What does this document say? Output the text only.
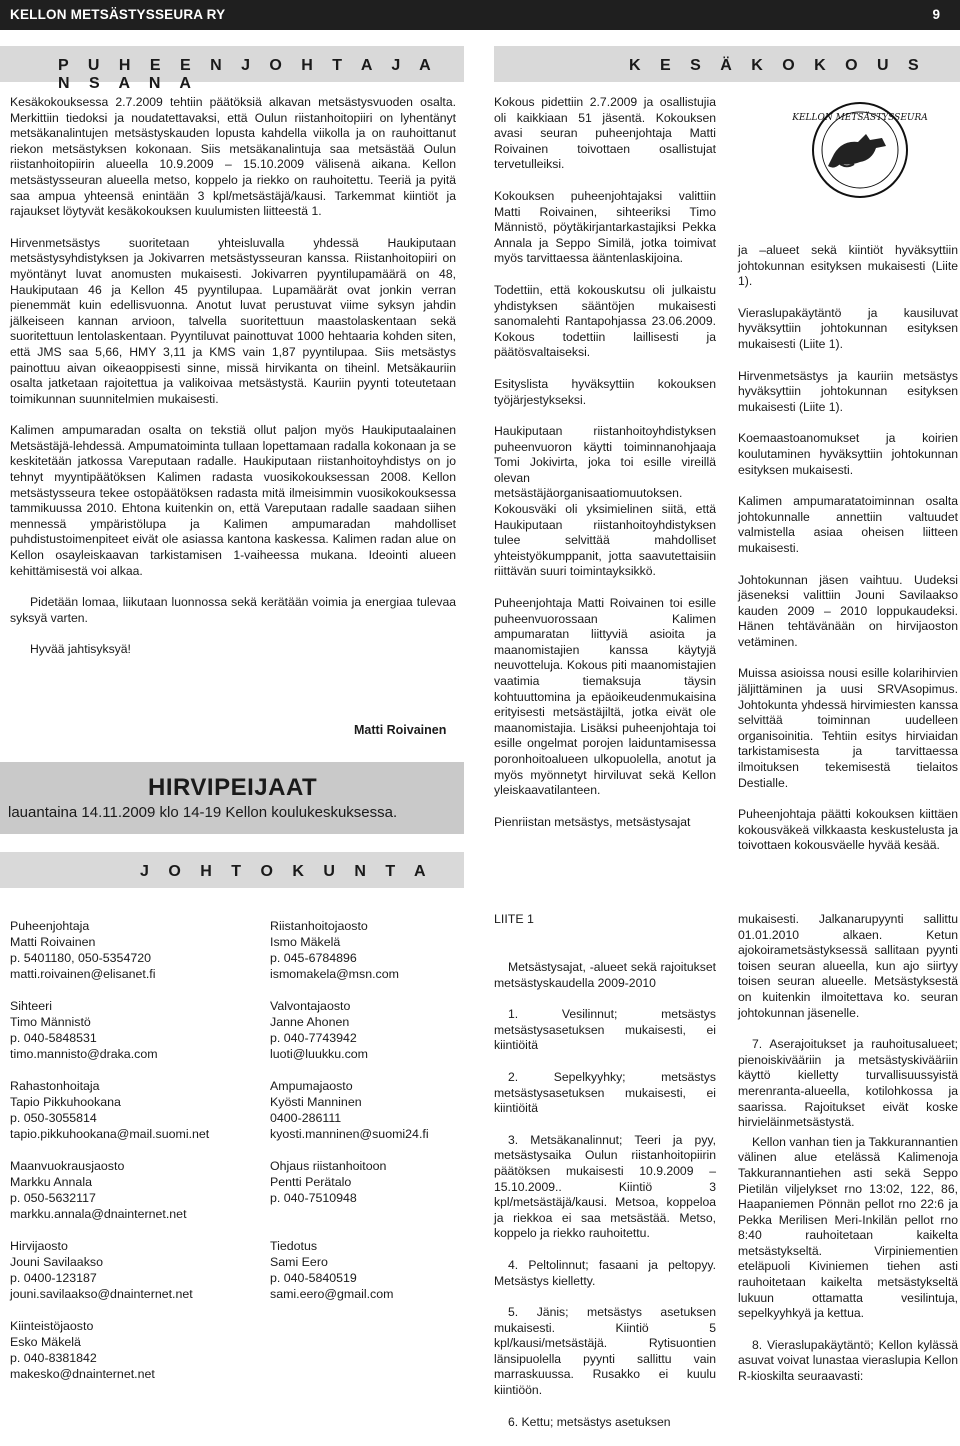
KELLON METSÄSTYSSEURA RY	9
P U H E E N J O H T A J A N S A N A
K E S Ä K O K O U S

Kesäkokouksessa 2.7.2009 tehtiin päätöksiä alkavan metsästysvuoden osalta. Merkittiin tiedoksi ja noudatettavaksi, että Oulun riistanhoitopiiri on lyhentänyt metsäkanalintujen metsästyskauden lopusta kahdella viikolla ja on rauhoittanut riekon metsästyksen kokonaan. Siis metsäkanalintuja saa metsästää Oulun riistanhoitopiirin alueella 10.9.2009 – 15.10.2009 välisenä aikana. Kellon metsästysseuran alueella metso, koppelo ja riekko on rauhoitettu. Teeriä ja pyitä saa ampua yhteensä enintään 3 kpl/metsästäjä/kausi. Tarkemmat kiintiöt ja rajaukset löytyvät kesäkokouksen kuulumisten liitteestä 1.

Hirvenmetsästys suoritetaan yhteisluvalla yhdessä Haukiputaan metsästysyhdistyksen ja Jokivarren metsästysseuran kanssa. Riistanhoitopiiri on myöntänyt luvat anomusten mukaisesti. Jokivarren pyyntilupamäärä on 48, Haukiputaan 46 ja Kellon 45 pyyntilupaa. Lupamäärät ovat jonkin verran pienemmät kuin edellisvuonna. Anotut luvat perustuvat viime syksyn jahdin jälkeiseen kannan arvioon, talvella suoritettuun maastolaskentaan sekä suoritettuun lentolaskentaan. Pyyntiluvat painottuvat 1000 hehtaaria kohden siten, että JMS saa 5,66, HMY 3,11 ja KMS vain 1,87 pyyntilupaa. Siis metsästys painottuu aivan oikeaoppisesti sinne, missä hirvikanta on tiheinl. Metsäkauriin osalta jatketaan rajoitettua ja valikoivaa metsästystä. Kauriin pyynti toteutetaan toimikunnan suunnitelmien mukaisesti.

Kalimen ampumaradan osalta on tekstiä ollut paljon myös Haukiputaalainen Metsästäjä-lehdessä. Ampumatoiminta tullaan lopettamaan radalla kokonaan ja se keskitetään jatkossa Vareputaan radalle. Haukiputaan riistanhoitoyhdistys on jo tehnyt myyntipäätöksen Kalimen radasta vuosikokouksessan 2008. Kellon metsästysseura tekee ostopäätöksen radasta mitä ilmeisimmin vuosikokouksessa tammikuussa 2010. Ehtona kuitenkin on, että Vareputaan radalle saadaan siihen mennessä ympäristölupa ja Kalimen ampumaradan mahdolliset puhdistustoimenpiteet eivät ole asiassa kantona kaskessa. Kalimen radan alue on Kellon osayleiskaavan tarkistamisen 1-vaiheessa mukana. Ideointi alueen kehittämisestä voi alkaa.

Pidetään lomaa, liikutaan luonnossa sekä kerätään voimia ja energiaa tulevaa syksyä varten.

Hyvää jahtisyksyä!

Matti Roivainen
HIRVIPEIJAAT
lauantaina 14.11.2009 klo 14-19 Kellon koulukeskuksessa.
J O H T O K U N T A

Kokous pidettiin 2.7.2009 ja osallistujia oli kaikkiaan 51 jäsentä. Kokouksen avasi seuran puheenjohtaja Matti Roivainen toivottaen osallistujat tervetulleiksi.

Kokouksen puheenjohtajaksi valittiin Matti Roivainen, sihteeriksi Timo Männistö, pöytäkirjantarkastajiksi Pekka Annala ja Seppo Similä, jotka toimivat myös tarvittaessa ääntenlaskijoina.

Todettiin, että kokouskutsu oli julkaistu yhdistyksen sääntöjen mukaisesti sanomalehti Rantapohjassa 23.06.2009. Kokous todettiin laillisesti ja päätösvaltaiseksi.

Esityslista hyväksyttiin kokouksen työjärjestykseksi.

Haukiputaan riistanhoitoyhdistyksen puheenvuoron käytti toiminnanohjaaja Tomi Jokivirta, joka toi esille vireillä olevan metsästäjäorganisaatiomuutoksen. Kokousväki oli yksimielinen siitä, että Haukiputaan riistanhoitoyhdistyksen tulee selvittää mahdolliset yhteistyökumppanit, jotta saavutettaisiin riittävän suuri toimintayksikkö.

Puheenjohtaja Matti Roivainen toi esille puheenvuorossaan Kalimen ampumaratan liittyviä asioita ja maanomistajien kanssa käytyjä neuvotteluja. Kokous piti maanomistajien vaatimia tiemaksuja täysin kohtuuttomina ja epäoikeudenmukaisina erityisesti metsästäjiltä, jotka eivät ole maanomistajia. Lisäksi puheenjohtaja toi esille ongelmat porojen laiduntamisessa poronhoitoalueen ulkopuolella, anotut ja myös myönnetyt hirviluvat sekä Kellon yleiskaavatilanteen.

Pienriistan metsästys, metsästysajat

KELLON METSÄSTYSSEURA

ja –alueet sekä kiintiöt hyväksyttiin johtokunnan esityksen mukaisesti (Liite 1).

Vieraslupakäytäntö ja kausiluvat hyväksyttiin johtokunnan esityksen mukaisesti (Liite 1).

Hirvenmetsästys ja kauriin metsästys hyväksyttiin johtokunnan esityksen mukaisesti (Liite 1).

Koemaastoanomukset ja koirien koulutaminen hyväksyttiin johtokunnan esityksen mukaisesti.

Kalimen ampumaratatoiminnan osalta johtokunnalle annettiin valtuudet valmistella asiaa oheisen liitteen mukaisesti.

Johtokunnan jäsen vaihtuu. Uudeksi jäseneksi valittiin Jouni Savilaakso kauden 2009 – 2010 loppukaudeksi. Hänen tehtävänään on hirvijaoston vetäminen.

Muissa asioissa nousi esille kolarihirvien jäljittäminen ja uusi SRVAsopimus. Johtokunta yhdessä hirvimiesten kanssa selvittää toiminnan uudelleen organisoinitia. Tehtiin esitys hirviaidan tarkistamisesta ja tarvittaessa ilmoituksen tekemisestä tielaitos Destialle.

Puheenjohtaja päätti kokouksen kiittäen kokousväkeä vilkkaasta keskustelusta ja toivottaen kokousväelle hyvää kesää.

Puheenjohtaja
Matti Roivainen
p. 5401180, 050-5354720
matti.roivainen@elisanet.fi
Sihteeri
Timo Männistö
p. 040-5848531
timo.mannisto@draka.com
Rahastonhoitaja
Tapio Pikkuhookana
p. 050-3055814
tapio.pikkuhookana@mail.suomi.net
Maanvuokrausjaosto
Markku Annala
p. 050-5632117
markku.annala@dnainternet.net
Hirvijaosto
Jouni Savilaakso
p. 0400-123187
jouni.savilaakso@dnainternet.net
Kiinteistöjaosto
Esko Mäkelä
p. 040-8381842
makesko@dnainternet.net
Riistanhoitojaosto
Ismo Mäkelä
p. 045-6784896
ismomakela@msn.com
Valvontajaosto
Janne Ahonen
p. 040-7743942
luoti@luukku.com
Ampumajaosto
Kyösti Manninen
0400-286111
kyosti.manninen@suomi24.fi
Ohjaus riistanhoitoon
Pentti Perätalo
p. 040-7510948
Tiedotus
Sami Eero
p. 040-5840519
sami.eero@gmail.com
LIITE 1

Metsästysajat, -alueet sekä rajoitukset metsästyskaudella 2009-2010

1. Vesilinnut; metsästys metsästysasetuksen mukaisesti, ei kiintiöitä

2. Sepelkyyhky; metsästys metsästysasetuksen mukaisesti, ei kiintiöitä

3. Metsäkanalinnut; Teeri ja pyy, metsästysaika Oulun riistanhoitopiirin päätöksen mukaisesti 10.9.2009 – 15.10.2009.. Kiintiö 3 kpl/metsästäjä/kausi. Metsoa, koppeloa ja riekkoa ei saa metsästää. Metso, koppelo ja riekko rauhoitettu.

4. Peltolinnut; fasaani ja peltopyy. Metsästys kielletty.

5. Jänis; metsästys asetuksen mukaisesti. Kiintiö 5 kpl/kausi/metsästäjä. Rytisuontien länsipuolella pyynti sallittu vain marraskuussa. Rusakko ei kuulu kiintiöön.

6. Kettu; metsästys asetuksen

mukaisesti. Jalkanarupyynti sallittu 01.01.2010 alkaen. Ketun ajokoirametsästyksessä sallitaan pyynti toisen seuran alueella, kun ajo siirtyy toisen seuran alueelle. Metsästyksestä on kuitenkin ilmoitettava ko. seuran johtokunnan jäsenelle.

7. Aserajoitukset ja rauhoitusalueet; pienoiskivääriin ja metsästyskivääriin käyttö kielletty turvallisuussyistä merenranta-alueella, kotilohkossa ja saarissa. Rajoitukset eivät koske hirvieläinmetsästystä.

Kellon vanhan tien ja Takkurannantien välinen alue etelässä Kalimenoja Takkurannantiehen asti sekä Seppo Pietilän viljelykset rno 13:02, 122, 86, Haapaniemen Pönnän pellot rno 22:6 ja Pekka Merilisen Meri-Inkilän pellot rno 8:40 rauhoitetaan kaikelta metsästykseltä. Virpiniementien eteläpuoli Kiviniemen tiehen asti rauhoitetaan kaikelta metsästykseltä lukuun ottamatta vesilintuja, sepelkyyhkyä ja kettua.

8. Vieraslupakäytäntö; Kellon kylässä asuvat voivat lunastaa vieraslupia Kellon R-kioskilta seuraavasti:
